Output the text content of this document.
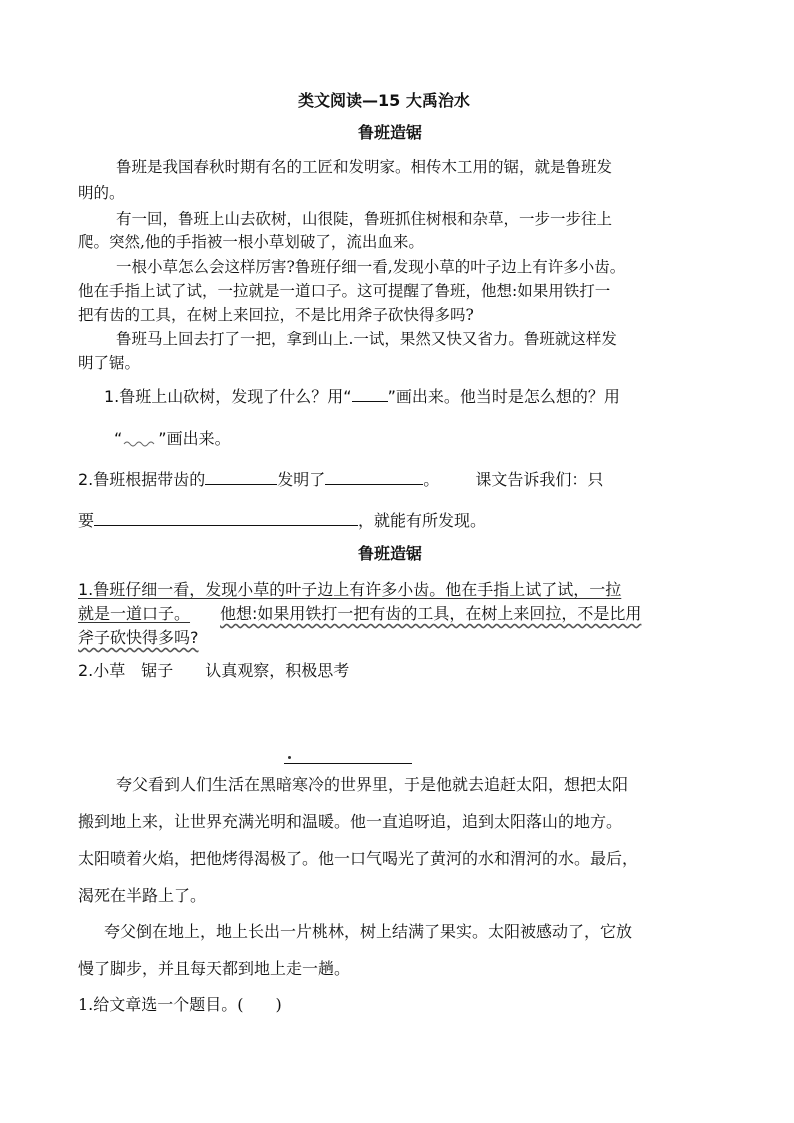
类文阅读—15 大禹治水
鲁班造锯
鲁班是我国春秋时期有名的工匠和发明家。相传木工用的锯，就是鲁班发
明的。
有一回，鲁班上山去砍树，山很陡，鲁班抓住树根和杂草，一步一步往上
爬。突然,他的手指被一根小草划破了，流出血来。
一根小草怎么会这样厉害?鲁班仔细一看,发现小草的叶子边上有许多小齿。
他在手指上试了试，一拉就是一道口子。这可提醒了鲁班，他想:如果用铁打一
把有齿的工具，在树上来回拉，不是比用斧子砍快得多吗?
鲁班马上回去打了一把，拿到山上.一试，果然又快又省力。鲁班就这样发
明了锯。
1.鲁班上山砍树，发现了什么？用“ ”画出来。他当时是怎么想的？用
“ ”画出来。
2.鲁班根据带齿的	发明了	。 课文告诉我们：只
要	，就能有所发现。
鲁班造锯
1.鲁班仔细一看，发现小草的叶子边上有许多小齿。他在手指上试了试，一拉
就是一道口子。 他想:如果用铁打一把有齿的工具，在树上来回拉，不是比用
斧子砍快得多吗?
2.小草　锯子　　认真观察，积极思考
夸父看到人们生活在黑暗寒冷的世界里，于是他就去追赶太阳，想把太阳
搬到地上来，让世界充满光明和温暖。他一直追呀追，追到太阳落山的地方。
太阳喷着火焰，把他烤得渴极了。他一口气喝光了黄河的水和渭河的水。最后，
渴死在半路上了。
夸父倒在地上，地上长出一片桃林，树上结满了果实。太阳被感动了，它放
慢了脚步，并且每天都到地上走一趟。
1.给文章选一个题目。(　　)
